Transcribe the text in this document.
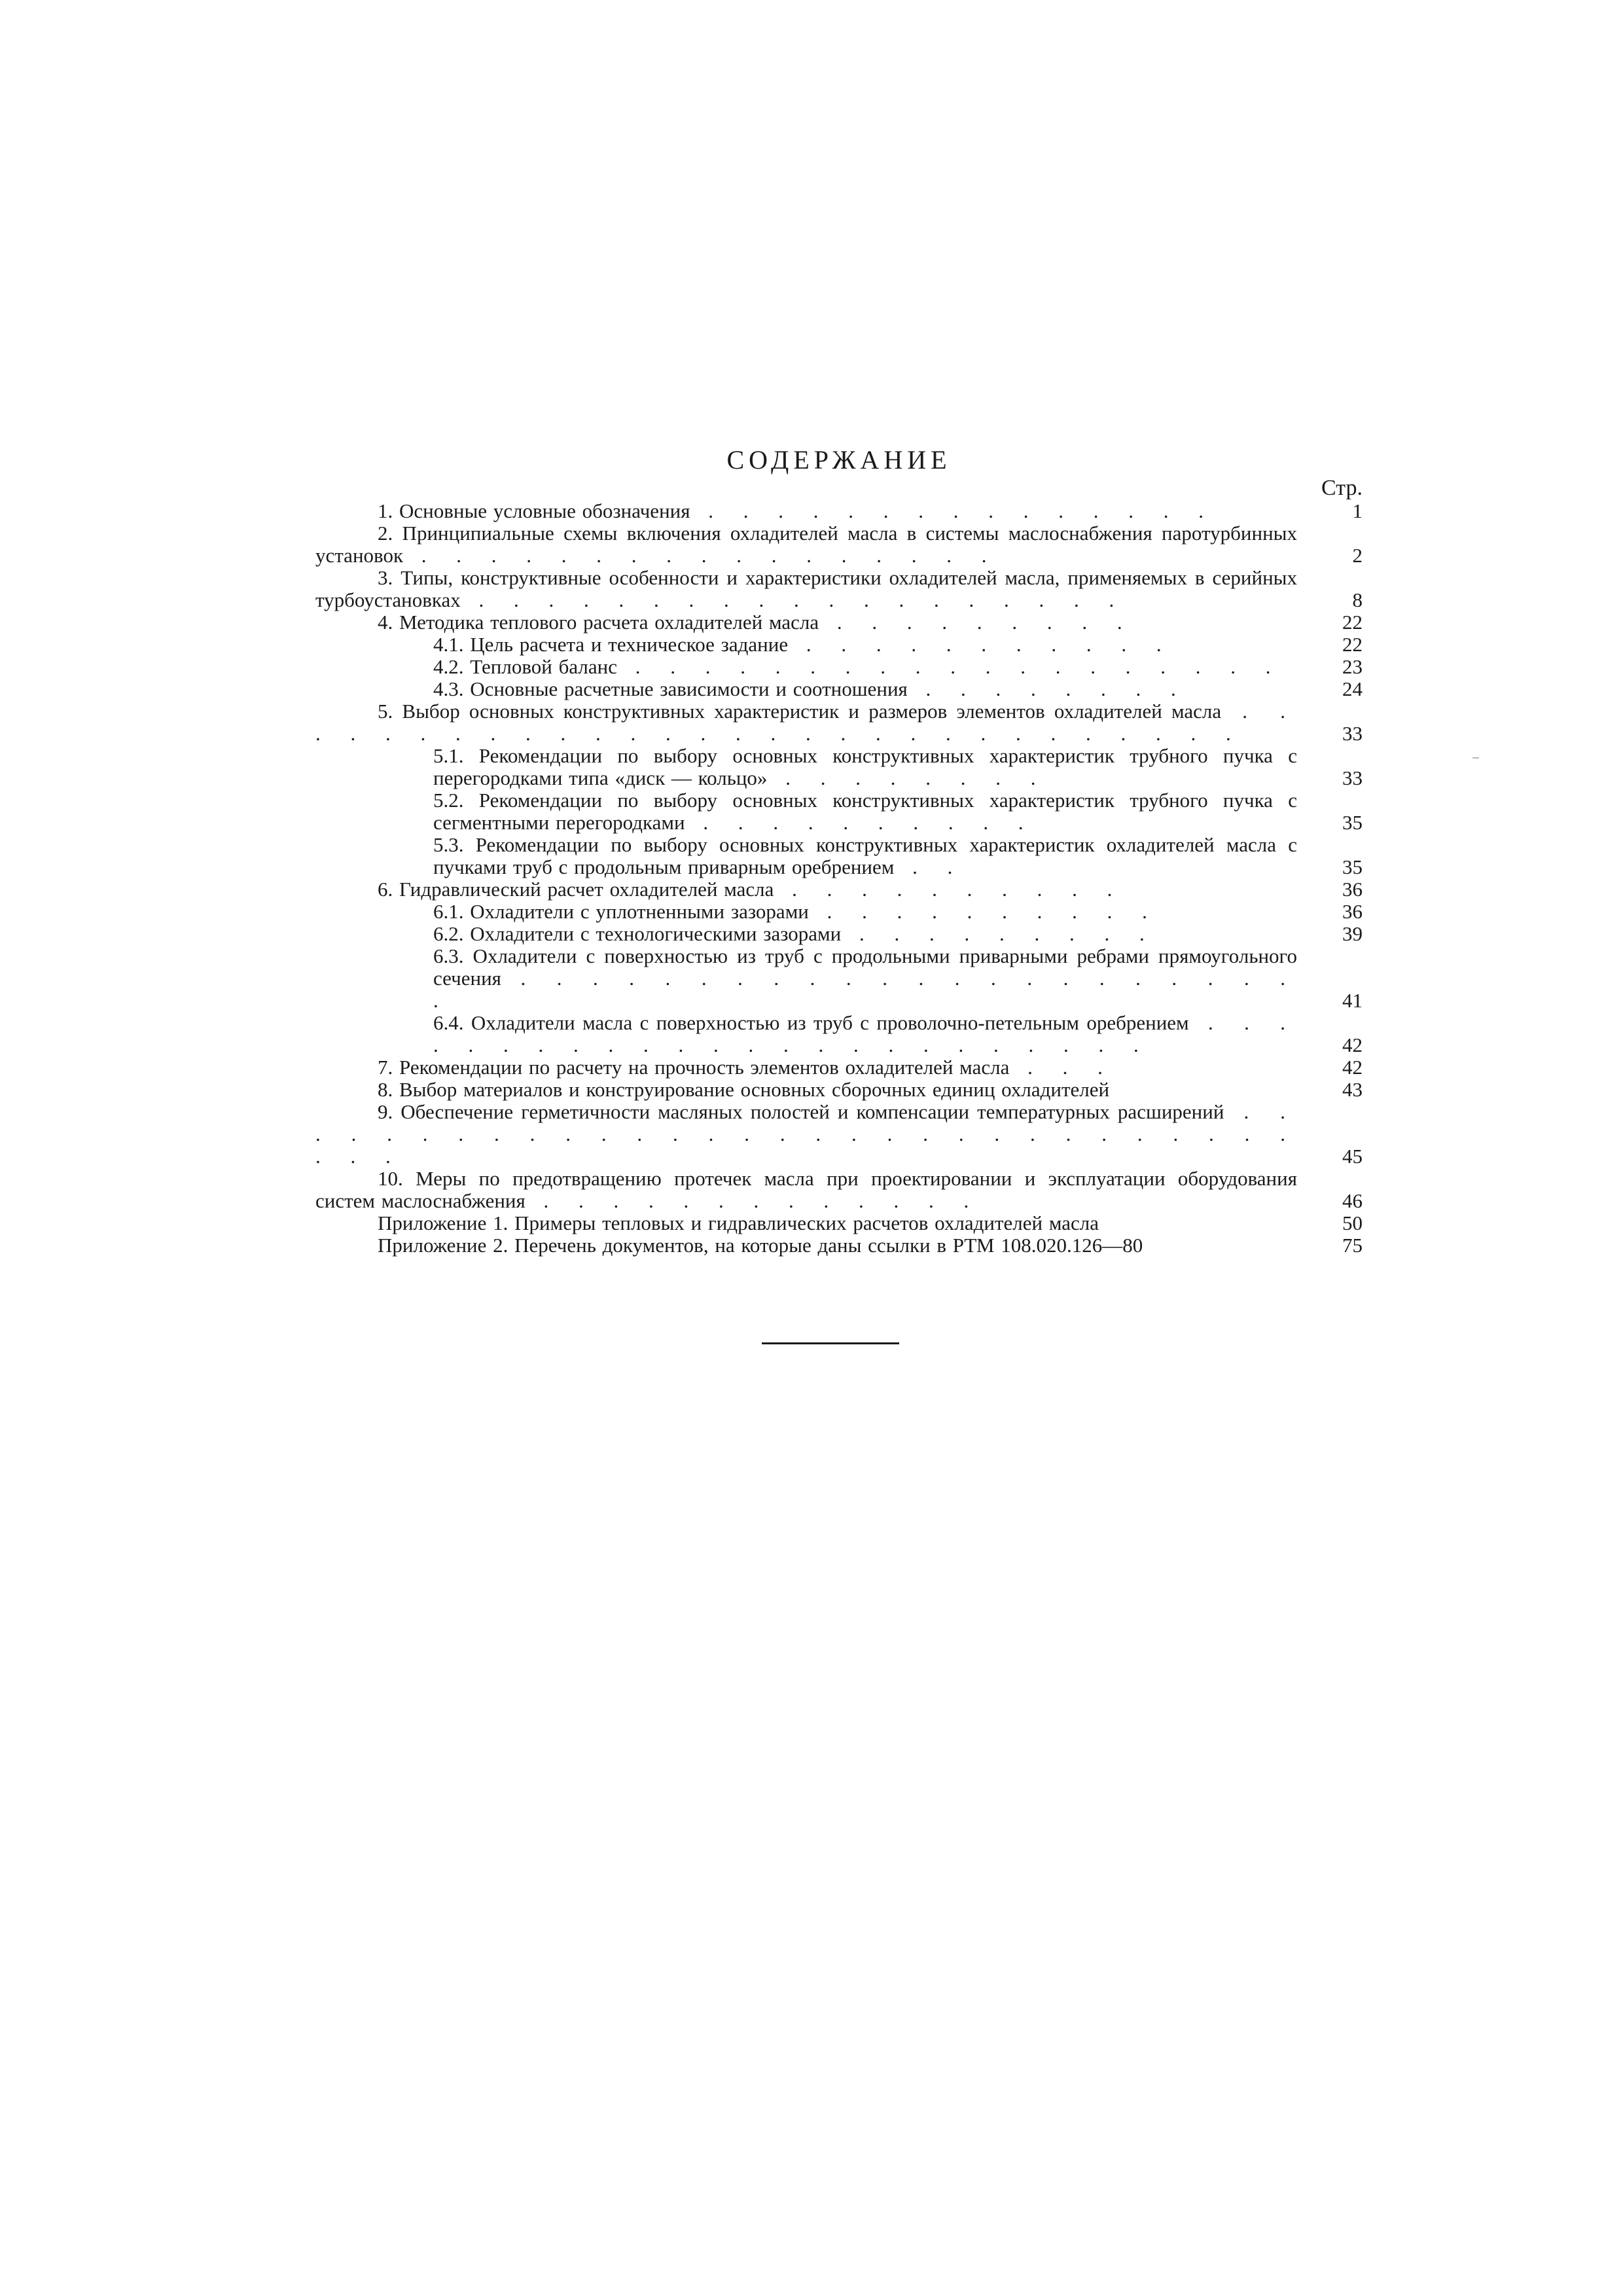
СОДЕРЖАНИЕ
Стр.
1. Основные условные обозначения . . . . . . . . . . . . . . .	1
2. Принципиальные схемы включения охладителей масла в системы маслоснабжения паротурбинных установок . . . . . . . . . . . . . . . . .	2
3. Типы, конструктивные особенности и характеристики охладителей масла, применяемых в серийных турбоустановках . . . . . . . . . . . . . . . . . . .	8
4. Методика теплового расчета охладителей масла . . . . . . . . .	22
4.1. Цель расчета и техническое задание . . . . . . . . . . .	22
4.2. Тепловой баланс . . . . . . . . . . . . . . . . . . .	23
4.3. Основные расчетные зависимости и соотношения . . . . . . . .	24
5. Выбор основных конструктивных характеристик и размеров элементов охладителей масла . . . . . . . . . . . . . . . . . . . . . . . . . . . . .	33
5.1. Рекомендации по выбору основных конструктивных характеристик трубного пучка с перегородками типа «диск — кольцо» . . . . . . . .	33
5.2. Рекомендации по выбору основных конструктивных характеристик трубного пучка с сегментными перегородками . . . . . . . . . .	35
5.3. Рекомендации по выбору основных конструктивных характеристик охладителей масла с пучками труб с продольным приварным оребрением . .	35
6. Гидравлический расчет охладителей масла . . . . . . . . . .	36
6.1. Охладители с уплотненными зазорами . . . . . . . . . .	36
6.2. Охладители с технологическими зазорами . . . . . . . . .	39
6.3. Охладители с поверхностью из труб с продольными приварными ребрами прямоугольного сечения . . . . . . . . . . . . . . . . . . . . . . .	41
6.4. Охладители масла с поверхностью из труб с проволочно-петельным оребрением . . . . . . . . . . . . . . . . . . . . . . . .	42
7. Рекомендации по расчету на прочность элементов охладителей масла . . .	42
8. Выбор материалов и конструирование основных сборочных единиц охладителей	43
9. Обеспечение герметичности масляных полостей и компенсации температурных расширений . . . . . . . . . . . . . . . . . . . . . . . . . . . . . . . . .	45
10. Меры по предотвращению протечек масла при проектировании и эксплуатации оборудования систем маслоснабжения . . . . . . . . . . . . .	46
Приложение 1. Примеры тепловых и гидравлических расчетов охладителей масла	50
Приложение 2. Перечень документов, на которые даны ссылки в РТМ 108.020.126—80	75
